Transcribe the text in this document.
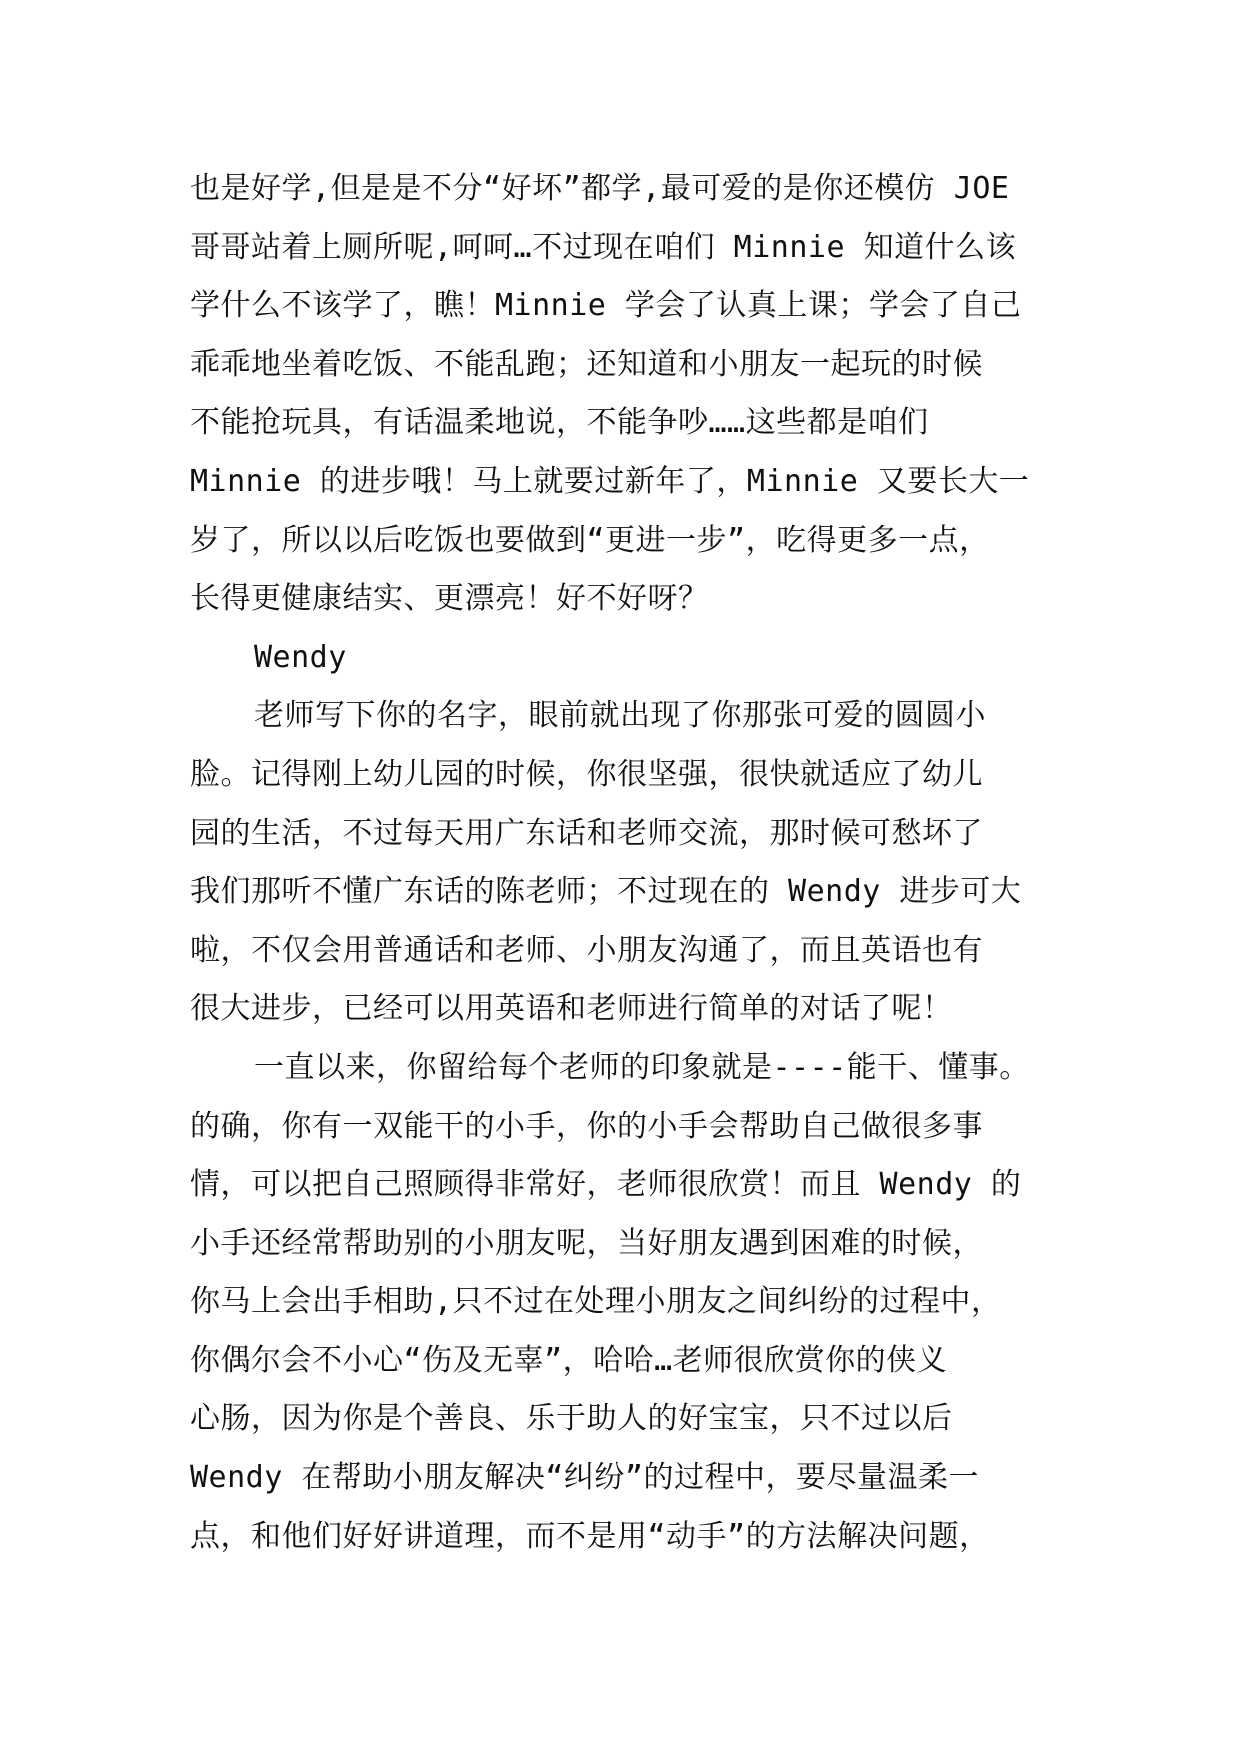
也是好学,但是是不分“好坏”都学,最可爱的是你还模仿 JOE
哥哥站着上厕所呢,呵呵…不过现在咱们 Minnie 知道什么该
学什么不该学了，瞧！Minnie 学会了认真上课；学会了自己
乖乖地坐着吃饭、不能乱跑；还知道和小朋友一起玩的时候
不能抢玩具，有话温柔地说，不能争吵……这些都是咱们
Minnie 的进步哦！马上就要过新年了，Minnie 又要长大一
岁了，所以以后吃饭也要做到“更进一步”，吃得更多一点，
长得更健康结实、更漂亮！好不好呀？
Wendy
老师写下你的名字，眼前就出现了你那张可爱的圆圆小
脸。记得刚上幼儿园的时候，你很坚强，很快就适应了幼儿
园的生活，不过每天用广东话和老师交流，那时候可愁坏了
我们那听不懂广东话的陈老师；不过现在的 Wendy 进步可大
啦，不仅会用普通话和老师、小朋友沟通了，而且英语也有
很大进步，已经可以用英语和老师进行简单的对话了呢！
一直以来，你留给每个老师的印象就是----能干、懂事。
的确，你有一双能干的小手，你的小手会帮助自己做很多事
情，可以把自己照顾得非常好，老师很欣赏！而且 Wendy 的
小手还经常帮助别的小朋友呢，当好朋友遇到困难的时候，
你马上会出手相助,只不过在处理小朋友之间纠纷的过程中，
你偶尔会不小心“伤及无辜”，哈哈…老师很欣赏你的侠义
心肠，因为你是个善良、乐于助人的好宝宝，只不过以后
Wendy 在帮助小朋友解决“纠纷”的过程中，要尽量温柔一
点，和他们好好讲道理，而不是用“动手”的方法解决问题，
